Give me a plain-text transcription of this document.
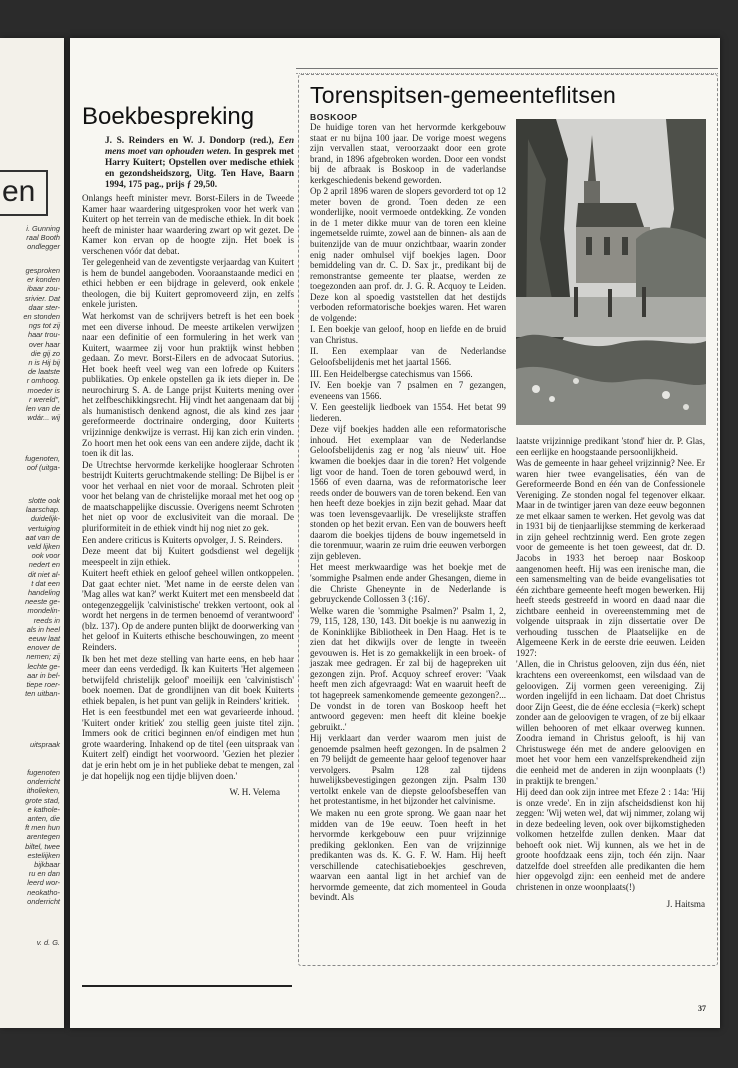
en
i. Gunning
raal Booth
ondlegger
gesproken
er konden
ibaar zou-
srivier. Dat
daar ster-
en stonden
ngs tot zij
haar trou-
over haar
die gij zo
n is Hij bij
de laatste
r omhoog.
moeder is
r wereld",
len van de
wdár... wij
fugenoten,
oof (uitga-
slotte ook
laarschap.
duidelijk-
vertuiging
aat van de
veld lijken
ook voor
nedert en
dit niet al-
t dat een
handeling
neeste ge-
mondelin-
reeds in
als in heel
eeuw laat
enover de
nemen; zij
lechte ge-
aar in bel-
tiepe roer-
ten uitban-
uitspraak
fugenoten
onderricht
itholieken,
grote stad,
e kathole-
anten, die
ft men hun
arentegen
biltel, twee
esteliijken
bijkbaar
ru en dan
leerd wor-
neokatho-
onderricht
v. d. G.
Boekbespreking
J. S. Reinders en W. J. Dondorp (red.), Een mens moet van ophouden weten. In gesprek met Harry Kuitert; Opstellen over medische ethiek en gezondsheidszorg, Uitg. Ten Have, Baarn 1994, 175 pag., prijs ƒ 29,50.

Onlangs heeft minister mevr. Borst-Eilers in de Tweede Kamer haar waardering uitgesproken voor het werk van Kuitert op het terrein van de medische ethiek. In dit boek heeft de minister haar waardering zwart op wit gezet. De Kamer kon ervan op de hoogte zijn. Het boek is verschenen vóór dat debat.

Ter gelegenheid van de zeventigste verjaardag van Kuitert is hem de bundel aangeboden. Vooraanstaande medici en ethici hebben er een bijdrage in geleverd, ook enkele theologen, die bij Kuitert gepromoveerd zijn, en zelfs enkele juristen.

Wat herkomst van de schrijvers betreft is het een boek met een diverse inhoud. De meeste artikelen verwijzen naar een definitie of een formulering in het werk van Kuitert, waarmee zij voor hun praktijk winst hebben gedaan. Zo mevr. Borst-Eilers en de advocaat Sutorius. Het boek heeft veel weg van een lofrede op Kuiters publikaties. Op enkele opstellen ga ik iets dieper in. De neurochirurg S. A. de Lange prijst Kuiterts mening over het zelfbeschikkingsrecht. Hij vindt het aangenaam dat bij als humanistisch denkend agnost, die als kind zes jaar gereformeerde doctrinaire onderging, door Kuiterts vrijzinnige denkwijze is verrast. Hij kan zich erin vinden. Zo hoort men het ook eens van een andere zijde, dacht ik toen ik dit las.

De Utrechtse hervormde kerkelijke hoogleraar Schroten bestrijdt Kuiterts geruchtmakende stelling: De Bijbel is er voor het verhaal en niet voor de moraal. Schroten pleit voor het belang van de christelijke moraal met het oog op de maatschappelijke discussie. Overigens neemt Schroten het niet op voor de exclusiviteit van die moraal. De pluriformiteit in de ethiek vindt hij nog niet zo gek.

Een andere criticus is Kuiterts opvolger, J. S. Reinders.

Deze meent dat bij Kuitert godsdienst wel degelijk meespeelt in zijn ethiek.

Kuitert heeft ethiek en geloof geheel willen ontkoppelen. Dat gaat echter niet. 'Met name in de eerste delen van 'Mag alles wat kan?' werkt Kuitert met een mensbeeld dat ontegenzeggelijk 'calvinistische' trekken vertoont, ook al wordt het nergens in de termen benoemd of verantwoord' (blz. 137). Op de andere punten blijkt de doorwerking van het geloof in Kuiterts ethische beschouwingen, zo meent Reinders.

Ik ben het met deze stelling van harte eens, en heb haar meer dan eens verdedigd. Ik kan Kuiterts 'Het algemeen betwijfeld christelijk geloof' moeilijk een 'calvinistisch' boek noemen. Dat de grondlijnen van dit boek Kuiterts ethiek bepalen, is het punt van gelijk in Reinders' kritiek.

Het is een feestbundel met een wat gevarieerde inhoud. 'Kuitert onder kritiek' zou stellig geen juiste titel zijn. Immers ook de critici beginnen en/of eindigen met hun grote waardering. Inhakend op de titel (een uitspraak van Kuitert zelf) eindigt het voorwoord. 'Gezien het plezier dat je erin hebt om je in het publieke debat te mengen, zal je dat hopelijk nog een tijdje blijven doen.'

W. H. Velema
Torenspitsen-gemeenteflitsen
BOSKOOP

De huidige toren van het hervormde kerkgebouw staat er nu bijna 100 jaar. De vorige moest wegens zijn vervallen staat, veroorzaakt door een grote brand, in 1896 afgebroken worden. Door een vondst bij de afbraak is Boskoop in de vaderlandse kerkgeschiedenis bekend geworden.

Op 2 april 1896 waren de slopers gevorderd tot op 12 meter boven de grond. Toen deden ze een wonderlijke, nooit vermoede ontdekking. Ze vonden in de 1 meter dikke muur van de toren een kleine ingemetselde ruimte, zowel aan de binnen- als aan de buitenzijde van de muur onzichtbaar, waarin zonder enig nader omhulsel vijf boekjes lagen. Door bemiddeling van dr. C. D. Sax jr., predikant bij de remonstrantse gemeente ter plaatse, werden ze toegezonden aan prof. dr. J. G. R. Acquoy te Leiden. Deze kon al spoedig vaststellen dat het destijds verboden reformatorische boekjes waren. Het waren de volgende:

I. Een boekje van geloof, hoop en liefde en de bruid van Christus.

II. Een exemplaar van de Nederlandse Geloofsbelijdenis met het jaartal 1566.

III. Een Heidelbergse catechismus van 1566.

IV. Een boekje van 7 psalmen en 7 gezangen, eveneens van 1566.

V. Een geestelijk liedboek van 1554. Het betat 99 liederen.

Deze vijf boekjes hadden alle een reformatorische inhoud. Het exemplaar van de Nederlandse Geloofsbelijdenis zag er nog 'als nieuw' uit. Hoe kwamen die boekjes daar in die toren? Het volgende ligt voor de hand. Toen de toren gebouwd werd, in 1566 of even daarna, was de reformatorische leer reeds onder de bouwers van de toren bekend. Een van hen heeft deze boekjes in zijn bezit gehad. Maar dat was toen levensgevaarlijk. De vreselijkste straffen stonden op het bezit ervan. Een van de bouwers heeft daarom die boekjes tijdens de bouw ingemetseld in die torenmuur, waarin ze ruim drie eeuwen verborgen zijn gebleven.

Het meest merkwaardige was het boekje met de 'sommighe Psalmen ende ander Ghesangen, dieme in die Christe Gheneynte in de Nederlande is gebruyckende Collossen 3 (:16)'.

Welke waren die 'sommighe Psalmen?' Psalm 1, 2, 79, 115, 128, 130, 143. Dit boekje is nu aanwezig in de Koninklijke Bibliotheek in Den Haag. Het is te zien dat het dikwijls over de lengte in tweeën gevouwen is. Het is zo gemakkelijk in een broek- of jaszak mee gedragen. Er zal bij de hagepreken uit gezongen zijn. Prof. Acquoy schreef erover: 'Vaak heeft men zich afgevraagd: Wat en waaruit heeft de tot hagepreek samenkomende gemeente gezongen?... De vondst in de toren van Boskoop heeft het antwoord gegeven: men heeft dit kleine boekje gebruikt..'

Hij verklaart dan verder waarom men juist de genoemde psalmen heeft gezongen. In de psalmen 2 en 79 belijdt de gemeente haar geloof tegenover haar vervolgers. Psalm 128 zal tijdens huwelijksbevestigingen gezongen zijn. Psalm 130 vertolkt enkele van de diepste geloofsbeseffen van het protestantisme, in het bijzonder het calvinisme.

We maken nu een grote sprong. We gaan naar het midden van de 19e eeuw. Toen heeft in het hervormde kerkgebouw een puur vrijzinnige prediking geklonken. Een van de vrijzinnige predikanten was ds. K. G. F. W. Ham. Hij heeft verschillende catechisatieboekjes geschreven, waarvan een aantal ligt in het archief van de hervormde gemeente, dat zich momenteel in Gouda bevindt. Als

laatste vrijzinnige predikant 'stond' hier dr. P. Glas, een eerlijke en hoogstaande persoonlijkheid.

Was de gemeente in haar geheel vrijzinnig? Nee. Er waren hier twee evangelisaties, één van de Gereformeerde Bond en één van de Confessionele Vereniging. Ze stonden nogal fel tegenover elkaar. Maar in de twintiger jaren van deze eeuw begonnen ze met elkaar samen te werken. Het gevolg was dat in 1931 bij de tienjaarlijkse stemming de kerkeraad in zijn geheel rechtzinnig werd. Een grote zegen voor de gemeente is het toen geweest, dat dr. D. Jacobs in 1933 het beroep naar Boskoop aangenomen heeft. Hij was een irenische man, die een samensmelting van de beide evangelisaties tot één zichtbare gemeente heeft mogen bewerken. Hij heeft steeds gestreefd in woord en daad naar die zichtbare eenheid in overeenstemming met de volgende uitspraak in zijn dissertatie over De verhouding tusschen de Plaatselijke en de Algemeene Kerk in de eerste drie eeuwen. Leiden 1927:

'Allen, die in Christus gelooven, zijn dus één, niet krachtens een overeenkomst, een wilsdaad van de geloovigen. Zij vormen geen vereeniging. Zij worden ingelijfd in een lichaam. Dat doet Christus door Zijn Geest, die de ééne ecclesia (=kerk) schept zonder aan de geloovigen te vragen, of ze bij elkaar willen behooren of met elkaar overweg kunnen. Zoodra iemand in Christus gelooft, is hij van Christuswege één met de andere geloovigen en moet het voor hem een vanzelfsprekendheid zijn die eenheid met de anderen in zijn woonplaats (!) in praktijk te brengen.'

Hij deed dan ook zijn intree met Efeze 2 : 14a: 'Hij is onze vrede'. En in zijn afscheidsdienst kon hij zeggen: 'Wij weten wel, dat wij nimmer, zolang wij in deze bedeeling leven, ook over bijkomstigheden volkomen hetzelfde zullen denken. Maar dat behoeft ook niet. Wij kunnen, als we het in de groote hoofdzaak eens zijn, toch één zijn. Naar datzelfde doel streefden alle predikanten die hem hier opgevolgd zijn: een eenheid met de andere christenen in onze woonplaats(!)

J. Haitsma
37
